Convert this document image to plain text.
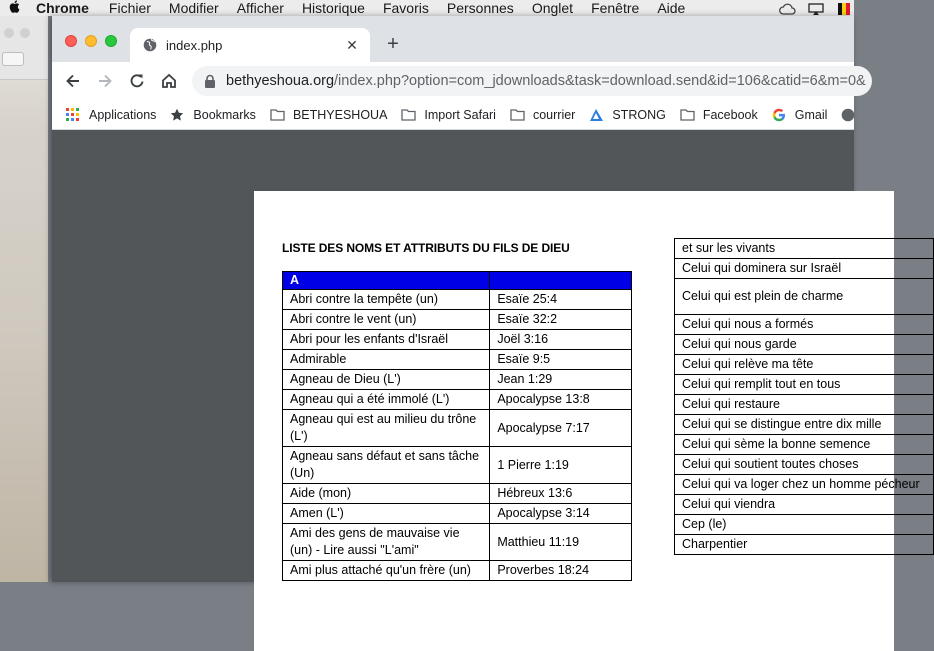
Chrome Fichier Modifier Afficher Historique Favoris Personnes Onglet Fenêtre Aide
index.php	✕ +
bethyeshoua.org/index.php?option=com_jdownloads&task=download.send&id=106&catid=6&m=0&
Applications	Bookmarks	BETHYESHOUA	Import Safari	courrier	STRONG	Facebook	Gmail
LISTE DES NOMS ET ATTRIBUTS DU FILS DE DIEU
A	
Abri contre la tempête (un)	Esaïe 25:4
Abri contre le vent (un)	Esaïe 32:2
Abri pour les enfants d'Israël	Joël 3:16
Admirable	Esaïe 9:5
Agneau de Dieu (L')	Jean 1:29
Agneau qui a été immolé (L')	Apocalypse 13:8
Agneau qui est au milieu du trône (L')	Apocalypse 7:17
Agneau sans défaut et sans tâche (Un)	1 Pierre 1:19
Aide (mon)	Hébreux 13:6
Amen (L')	Apocalypse 3:14
Ami des gens de mauvaise vie (un) - Lire aussi "L'ami"	Matthieu 11:19
Ami plus attaché qu'un frère (un)	Proverbes 18:24
et sur les vivants
Celui qui dominera sur Israël
Celui qui est plein de charme
Celui qui nous a formés
Celui qui nous garde
Celui qui relève ma tête
Celui qui remplit tout en tous
Celui qui restaure
Celui qui se distingue entre dix mille
Celui qui sème la bonne semence
Celui qui soutient toutes choses
Celui qui va loger chez un homme pécheur
Celui qui viendra
Cep (le)
Charpentier
